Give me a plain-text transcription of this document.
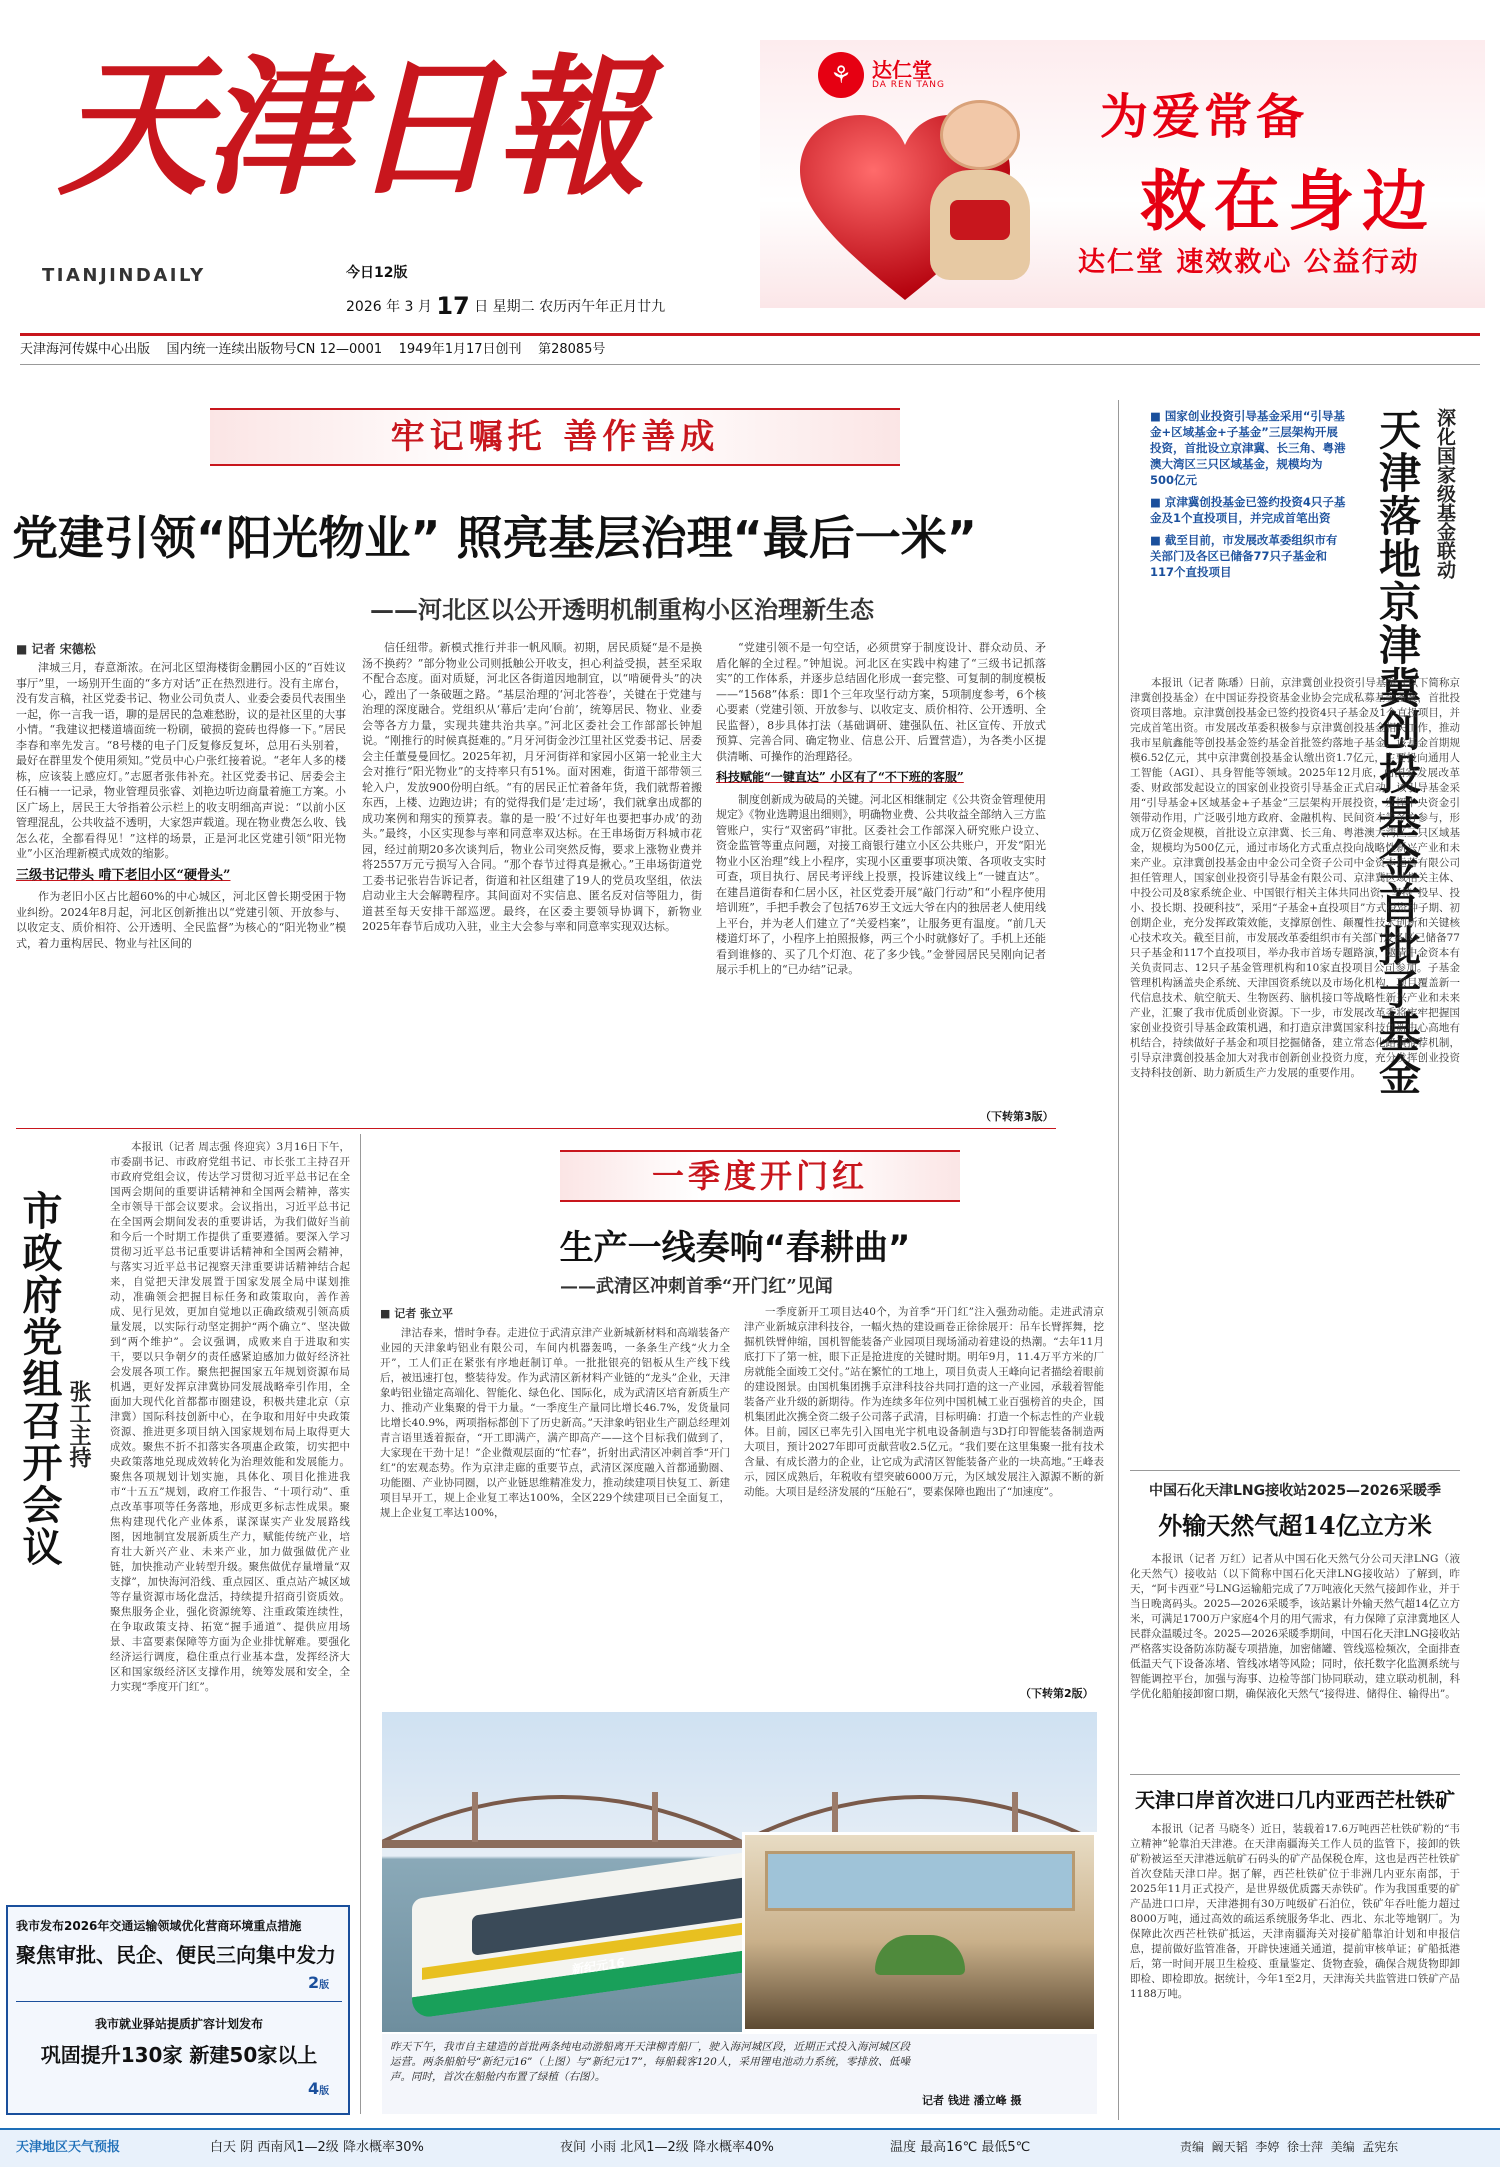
天津日報
TIANJINDAILY	今日12版
2026 年 3 月 17 日 星期二 农历丙午年正月廿九
⚘	达仁堂
DA REN TANG
为爱常备
救在身边
达仁堂 速效救心 公益行动
天津海河传媒中心出版 国内统一连续出版物号CN 12—0001 1949年1月17日创刊 第28085号
牢记嘱托 善作善成
党建引领“阳光物业” 照亮基层治理“最后一米”
——河北区以公开透明机制重构小区治理新生态
■ 记者 宋德松

津城三月，春意渐浓。在河北区望海楼街金鹏园小区的“百姓议事厅”里，一场别开生面的“多方对话”正在热烈进行。没有主席台，没有发言稿，社区党委书记、物业公司负责人、业委会委员代表围坐一起，你一言我一语，聊的是居民的急难愁盼，议的是社区里的大事小情。“我建议把楼道墙面统一粉刷，破损的瓷砖也得修一下。”居民李春和率先发言。“8号楼的电子门反复修反复坏，总用石头别着，最好在群里发个使用须知。”党员中心户张红接着说。“老年人多的楼栋，应该装上感应灯。”志愿者张伟补充。社区党委书记、居委会主任石楠一一记录，物业管理员张睿、刘艳边听边商量着施工方案。小区广场上，居民王大爷指着公示栏上的收支明细高声说：“以前小区管理混乱，公共收益不透明，大家怨声载道。现在物业费怎么收、钱怎么花，全都看得见！”这样的场景，正是河北区党建引领“阳光物业”小区治理新模式成效的缩影。

三级书记带头 啃下老旧小区“硬骨头”

作为老旧小区占比超60%的中心城区，河北区曾长期受困于物业纠纷。2024年8月起，河北区创新推出以“党建引领、开放参与、以收定支、质价相符、公开透明、全民监督”为核心的“阳光物业”模式，着力重构居民、物业与社区间的

信任纽带。新模式推行并非一帆风顺。初期，居民质疑“是不是换汤不换药？”部分物业公司则抵触公开收支，担心利益受损，甚至采取不配合态度。面对质疑，河北区各街道因地制宜，以“啃硬骨头”的决心，蹚出了一条破题之路。“基层治理的‘河北答卷’，关键在于党建与治理的深度融合。党组织从‘幕后’走向‘台前’，统筹居民、物业、业委会等各方力量，实现共建共治共享。”河北区委社会工作部部长钟旭说。“刚推行的时候真挺难的。”月牙河街金沙江里社区党委书记、居委会主任董曼曼回忆。2025年初，月牙河街祥和家园小区第一轮业主大会对推行“阳光物业”的支持率只有51%。面对困难，街道干部带领三轮入户，发放900份明白纸。“有的居民正忙着备年货，我们就帮着搬东西，上楼、边跑边讲；有的觉得我们是‘走过场’，我们就拿出成都的成功案例和翔实的预算表。靠的是一股‘不过好年也要把事办成’的劲头。”最终，小区实现参与率和同意率双达标。在王串场街万科城市花园，经过前期20多次谈判后，物业公司突然反悔，要求上涨物业费并将2557万元亏损写入合同。“那个春节过得真是揪心。”王串场街道党工委书记张岩告诉记者，街道和社区组建了19人的党员攻坚组，依法启动业主大会解聘程序。其间面对不实信息、匿名反对信等阻力，街道甚至每天安排干部巡逻。最终，在区委主要领导协调下，新物业2025年春节后成功入驻，业主大会参与率和同意率实现双达标。

“党建引领不是一句空话，必须贯穿于制度设计、群众动员、矛盾化解的全过程。”钟旭说。河北区在实践中构建了“三级书记抓落实”的工作体系，并逐步总结固化形成一套完整、可复制的制度模板——“1568”体系：即1个三年攻坚行动方案，5项制度参考，6个核心要素（党建引领、开放参与、以收定支、质价相符、公开透明、全民监督），8步具体打法（基础调研、建强队伍、社区宣传、开放式预算、完善合同、确定物业、信息公开、后置营造），为各类小区提供清晰、可操作的治理路径。

科技赋能“一键直达” 小区有了“不下班的客服”

制度创新成为破局的关键。河北区相继制定《公共资金管理使用规定》《物业选聘退出细则》，明确物业费、公共收益全部纳入三方监管账户，实行“双密码”审批。区委社会工作部深入研究账户设立、资金监管等重点问题，对接工商银行建立小区公共账户，开发“阳光物业小区治理”线上小程序，实现小区重要事项决策、各项收支实时可查，项目执行、居民考评线上投票，投诉建议线上“一键直达”。在建昌道街春和仁居小区，社区党委开展“敲门行动”和“小程序使用培训班”，手把手教会了包括76岁王文远大爷在内的独居老人使用线上平台，并为老人们建立了“关爱档案”，让服务更有温度。“前几天楼道灯坏了，小程序上拍照报修，两三个小时就修好了。手机上还能看到谁修的、买了几个灯泡、花了多少钱。”金誉园居民吴刚向记者展示手机上的“已办结”记录。

（下转第3版）
■ 国家创业投资引导基金采用“引导基金+区域基金+子基金”三层架构开展投资，首批设立京津冀、长三角、粤港澳大湾区三只区域基金，规模均为500亿元
■ 京津冀创投基金已签约投资4只子基金及1个直投项目，并完成首笔出资
■ 截至目前，市发展改革委组织市有关部门及各区已储备77只子基金和117个直投项目	深化国家级基金联动
天津落地京津冀创投基金首批子基金

本报讯（记者 陈璠）日前，京津冀创业投资引导基金（以下简称京津冀创投基金）在中国证券投资基金业协会完成私募基金备案，首批投资项目落地。京津冀创投基金已签约投资4只子基金及1个直投项目，并完成首笔出资。市发展改革委积极参与京津冀创投基金相关工作，推动我市星航鑫能等创投基金签约基金首批签约落地子基金，该基金首期规模6.52亿元，其中京津冀创投基金认缴出资1.7亿元，主要投向通用人工智能（AGI）、具身智能等领域。2025年12月底，由国家发展改革委、财政部发起设立的国家创业投资引导基金正式启动。该引导基金采用“引导基金+区域基金+子基金”三层架构开展投资，发挥中央资金引领带动作用，广泛吸引地方政府、金融机构、民间资本等多方参与，形成万亿资金规模，首批设立京津冀、长三角、粤港澳大湾区三只区域基金，规模均为500亿元，通过市场化方式重点投向战略性新兴产业和未来产业。京津冀创投基金由中金公司全资子公司中金资本运营有限公司担任管理人，国家创业投资引导基金有限公司、京津冀区域相关主体、中投公司及8家系统企业、中国银行相关主体共同出资，坚持“投早、投小、投长期、投硬科技”，采用“子基金+直投项目”方式投资种子期、初创期企业，充分发挥政策效能，支撑原创性、颠覆性技术创新和关键核心技术攻关。截至目前，市发展改革委组织市有关部门及各区已储备77只子基金和117个直投项目，举办我市首场专题路演，邀请中金资本有关负责同志、12只子基金管理机构和10家直投项目公司参加。子基金管理机构涵盖央企系统、天津国资系统以及市场化机构，项目覆盖新一代信息技术、航空航天、生物医药、脑机接口等战略性新兴产业和未来产业，汇聚了我市优质创业资源。下一步，市发展改革委将牢牢把握国家创业投资引导基金政策机遇，和打造京津冀国家科技创新中心高地有机结合，持续做好子基金和项目挖掘储备，建立常态化路演推荐机制，引导京津冀创投基金加大对我市创新创业投资力度，充分发挥创业投资支持科技创新、助力新质生产力发展的重要作用。

中国石化天津LNG接收站2025—2026采暖季
外输天然气超14亿立方米

本报讯（记者 万红）记者从中国石化天然气分公司天津LNG（液化天然气）接收站（以下简称中国石化天津LNG接收站）了解到，昨天，“阿卡西亚”号LNG运输船完成了7万吨液化天然气接卸作业，并于当日晚离码头。2025—2026采暖季，该站累计外输天然气超14亿立方米，可满足1700万户家庭4个月的用气需求，有力保障了京津冀地区人民群众温暖过冬。2025—2026采暖季期间，中国石化天津LNG接收站严格落实设备防冻防凝专项措施，加密储罐、管线巡检频次，全面排查低温天气下设备冻堵、管线冰堵等风险；同时，依托数字化监测系统与智能调控平台，加强与海事、边检等部门协同联动，建立联动机制，科学优化船舶接卸窗口期，确保液化天然气“接得进、储得住、输得出”。

天津口岸首次进口几内亚西芒杜铁矿

本报讯（记者 马晓冬）近日，装载着17.6万吨西芒杜铁矿粉的“韦立精神”轮靠泊天津港。在天津南疆海关工作人员的监管下，接卸的铁矿粉被运至天津港远航矿石码头的矿产品保税仓库，这也是西芒杜铁矿首次登陆天津口岸。据了解，西芒杜铁矿位于非洲几内亚东南部，于2025年11月正式投产，是世界级优质露天赤铁矿。作为我国重要的矿产品进口口岸，天津港拥有30万吨级矿石泊位，铁矿年吞吐能力超过8000万吨，通过高效的疏运系统服务华北、西北、东北等地钢厂。为保障此次西芒杜铁矿抵运，天津南疆海关对接矿船靠泊计划和申报信息，提前做好监管准备，开辟快速通关通道，提前审核单证；矿船抵港后，第一时间开展卫生检疫、重量鉴定、货物查验，确保合规货物即卸即检、即检即放。据统计，今年1至2月，天津海关共监管进口铁矿产品1188万吨。

市政府党组召开会议 张工主持

本报讯（记者 周志强 佟迎宾）3月16日下午，市委副书记、市政府党组书记、市长张工主持召开市政府党组会议，传达学习贯彻习近平总书记在全国两会期间的重要讲话精神和全国两会精神，落实全市领导干部会议要求。会议指出，习近平总书记在全国两会期间发表的重要讲话，为我们做好当前和今后一个时期工作提供了重要遵循。要深入学习贯彻习近平总书记重要讲话精神和全国两会精神，与落实习近平总书记视察天津重要讲话精神结合起来，自觉把天津发展置于国家发展全局中谋划推动，准确领会把握目标任务和政策取向，善作善成、见行见效，更加自觉地以正确政绩观引领高质量发展，以实际行动坚定拥护“两个确立”、坚决做到“两个维护”。会议强调，成败来自于进取和实干，要以只争朝夕的责任感紧迫感加力做好经济社会发展各项工作。聚焦把握国家五年规划资源布局机遇，更好发挥京津冀协同发展战略牵引作用，全面加大现代化首都都市圈建设，积极共建北京（京津冀）国际科技创新中心，在争取和用好中央政策资源、推进更多项目纳入国家规划布局上取得更大成效。聚焦不折不扣落实各项惠企政策，切实把中央政策落地兑现成效转化为治理效能和发展能力。聚焦各项规划计划实施，具体化、项目化推进我市“十五五”规划，政府工作报告、“十项行动”、重点改革事项等任务落地，形成更多标志性成果。聚焦构建现代化产业体系，谋深谋实产业发展路线图，因地制宜发展新质生产力，赋能传统产业，培育壮大新兴产业、未来产业，加力做强做优产业链，加快推动产业转型升级。聚焦做优存量增量“双支撑”，加快海河沿线、重点园区、重点站产城区域等存量资源市场化盘活，持续提升招商引资质效。聚焦服务企业，强化资源统筹、注重政策连续性，在争取政策支持、拓宽“握手通道”、提供应用场景、丰富要素保障等方面为企业排忧解难。要强化经济运行调度，稳住重点行业基本盘，发挥经济大区和国家级经济区支撑作用，统筹发展和安全，全力实现“季度开门红”。

我市发布2026年交通运输领域优化营商环境重点措施
聚焦审批、民企、便民三向集中发力
2版
我市就业驿站提质扩容计划发布
巩固提升130家 新建50家以上
4版
一季度开门红
生产一线奏响“春耕曲”
——武清区冲刺首季“开门红”见闻
■ 记者 张立平

津沽春来，惜时争春。走进位于武清京津产业新城新材料和高端装备产业园的天津象屿铝业有限公司，车间内机器轰鸣，一条条生产线“火力全开”，工人们正在紧张有序地赶制订单。一批批银亮的铝板从生产线下线后，被迅速打包，整装待发。作为武清区新材料产业链的“龙头”企业，天津象屿铝业锚定高端化、智能化、绿色化、国际化，成为武清区培育新质生产力、推动产业集聚的骨干力量。“一季度生产量同比增长46.7%，发货量同比增长40.9%，两项指标都创下了历史新高。”天津象屿铝业生产副总经理刘青言语里透着振奋，“开工即满产，满产即高产——这个目标我们做到了，大家现在干劲十足！”企业微观层面的“忙春”，折射出武清区冲刺首季“开门红”的宏观态势。作为京津走廊的重要节点，武清区深度融入首都通勤圈、功能圈、产业协同圈，以产业链思维精准发力，推动续建项目快复工、新建项目早开工，规上企业复工率达100%，全区229个续建项目已全面复工，规上企业复工率达100%，

一季度新开工项目达40个，为首季“开门红”注入强劲动能。走进武清京津产业新城京津科技谷，一幅火热的建设画卷正徐徐展开：吊车长臂挥舞，挖掘机铁臂伸缩，国机智能装备产业园项目现场涌动着建设的热潮。“去年11月底打下了第一桩，眼下正是抢进度的关键时期。明年9月，11.4万平方米的厂房就能全面竣工交付。”站在繁忙的工地上，项目负责人王峰向记者描绘着眼前的建设图景。由国机集团携手京津科技谷共同打造的这一产业园，承载着智能装备产业升级的新期待。作为连续多年位列中国机械工业百强榜首的央企，国机集团此次携全资二级子公司落子武清，目标明确：打造一个标志性的产业载体。目前，园区已率先引入国电光宇机电设备制造与3D打印智能装备制造两大项目，预计2027年即可贡献营收2.5亿元。“我们要在这里集聚一批有技术含量、有成长潜力的企业，让它成为武清区智能装备产业的一块高地。”王峰表示，园区成熟后，年税收有望突破6000万元，为区域发展注入源源不断的新动能。大项目是经济发展的“压舱石”，要素保障也跑出了“加速度”。

（下转第2版）
新纪元16
昨天下午，我市自主建造的首批两条纯电动游船离开天津柳青船厂，驶入海河城区段，近期正式投入海河城区段运营。两条船舶号“新纪元16”（上图）与“新纪元17”，每船载客120人，采用锂电池动力系统，零排放、低噪声。同时，首次在船舱内布置了绿植（右图）。
记者 钱进 潘立峰 摄
天津地区天气预报	白天 阴 西南风1—2级 降水概率30%	夜间 小雨 北风1—2级 降水概率40%	温度 最高16℃ 最低5℃	责编 阚天韬 李婷 徐士萍 美编 孟宪东
